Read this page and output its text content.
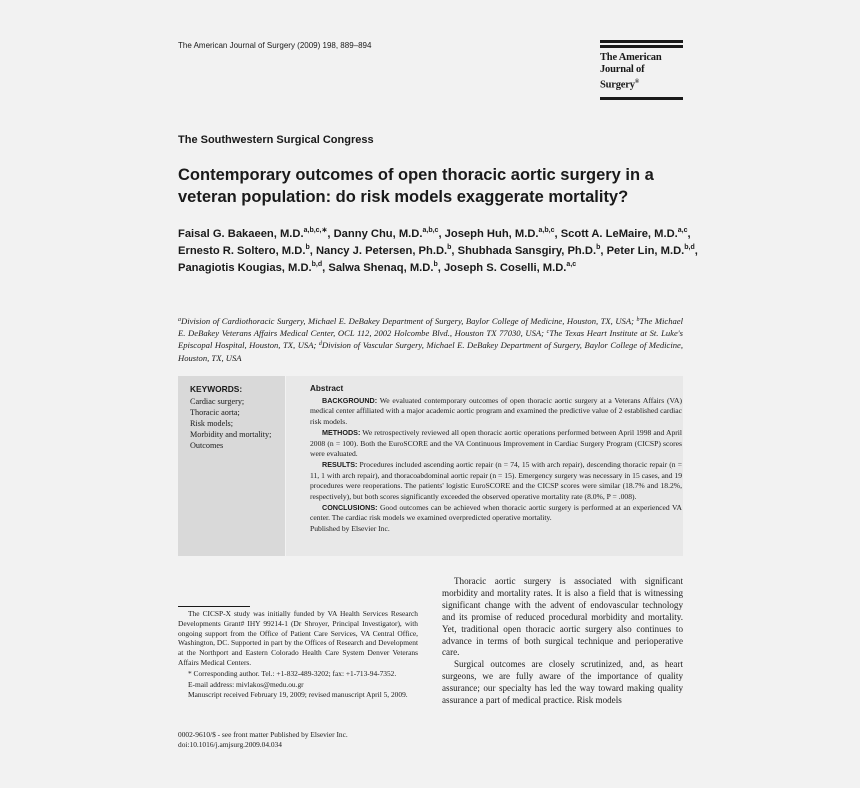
The American Journal of Surgery (2009) 198, 889–894
The American
Journal of Surgery®
The Southwestern Surgical Congress
Contemporary outcomes of open thoracic aortic surgery in a veteran population: do risk models exaggerate mortality?
Faisal G. Bakaeen, M.D.$^{a,b,c,∗}$, Danny Chu, M.D.$^{a,b,c}$, Joseph Huh, M.D.$^{a,b,c}$, Scott A. LeMaire, M.D.$^{a,c}$, Ernesto R. Soltero, M.D.$^b$, Nancy J. Petersen, Ph.D.$^b$, Shubhada Sansgiry, Ph.D.$^b$, Peter Lin, M.D.$^{b,d}$, Panagiotis Kougias, M.D.$^{b,d}$, Salwa Shenaq, M.D.$^b$, Joseph S. Coselli, M.D.$^{a,c}$
$^a$Division of Cardiothoracic Surgery, Michael E. DeBakey Department of Surgery, Baylor College of Medicine, Houston, TX, USA; $^b$The Michael E. DeBakey Veterans Affairs Medical Center, OCL 112, 2002 Holcombe Blvd., Houston TX 77030, USA; $^c$The Texas Heart Institute at St. Luke's Episcopal Hospital, Houston, TX, USA; $^d$Division of Vascular Surgery, Michael E. DeBakey Department of Surgery, Baylor College of Medicine, Houston, TX, USA
KEYWORDS:
Cardiac surgery;
Thoracic aorta;
Risk models;
Morbidity and mortality;
Outcomes
Abstract

BACKGROUND: We evaluated contemporary outcomes of open thoracic aortic surgery at a Veterans Affairs (VA) medical center affiliated with a major academic aortic program and examined the predictive value of 2 established cardiac risk models.

METHODS: We retrospectively reviewed all open thoracic aortic operations performed between April 1998 and April 2008 (n = 100). Both the EuroSCORE and the VA Continuous Improvement in Cardiac Surgery Program (CICSP) scores were evaluated.

RESULTS: Procedures included ascending aortic repair (n = 74, 15 with arch repair), descending thoracic repair (n = 11, 1 with arch repair), and thoracoabdominal aortic repair (n = 15). Emergency surgery was necessary in 15 cases, and 19 procedures were reoperations. The patients' logistic EuroSCORE and the CICSP scores were similar (18.7% and 18.2%, respectively), but both scores significantly exceeded the observed operative mortality rate (8.0%, P = .008).

CONCLUSIONS: Good outcomes can be achieved when thoracic aortic surgery is performed at an experienced VA center. The cardiac risk models we examined overpredicted operative mortality.

Published by Elsevier Inc.

The CICSP-X study was initially funded by VA Health Services Research Developments Grant# IHY 99214-1 (Dr Shroyer, Principal Investigator), with ongoing support from the Office of Patient Care Services, VA Central Office, Washington, DC. Supported in part by the Offices of Research and Development at the Northport and Eastern Colorado Health Care System Denver Veterans Affairs Medical Centers.

* Corresponding author. Tel.: +1-832-489-3202; fax: +1-713-94-7352.

E-mail address: mivlakos@medu.ou.gr

Manuscript received February 19, 2009; revised manuscript April 5, 2009.

0002-9610/$ - see front matter Published by Elsevier Inc.
doi:10.1016/j.amjsurg.2009.04.034

Thoracic aortic surgery is associated with significant morbidity and mortality rates. It is also a field that is witnessing significant change with the advent of endovascular technology and its promise of reduced procedural morbidity and mortality. Yet, traditional open thoracic aortic surgery also continues to advance in terms of both surgical technique and perioperative care.

Surgical outcomes are closely scrutinized, and, as heart surgeons, we are fully aware of the importance of quality assurance; our specialty has led the way toward making quality assurance a part of medical practice. Risk models
